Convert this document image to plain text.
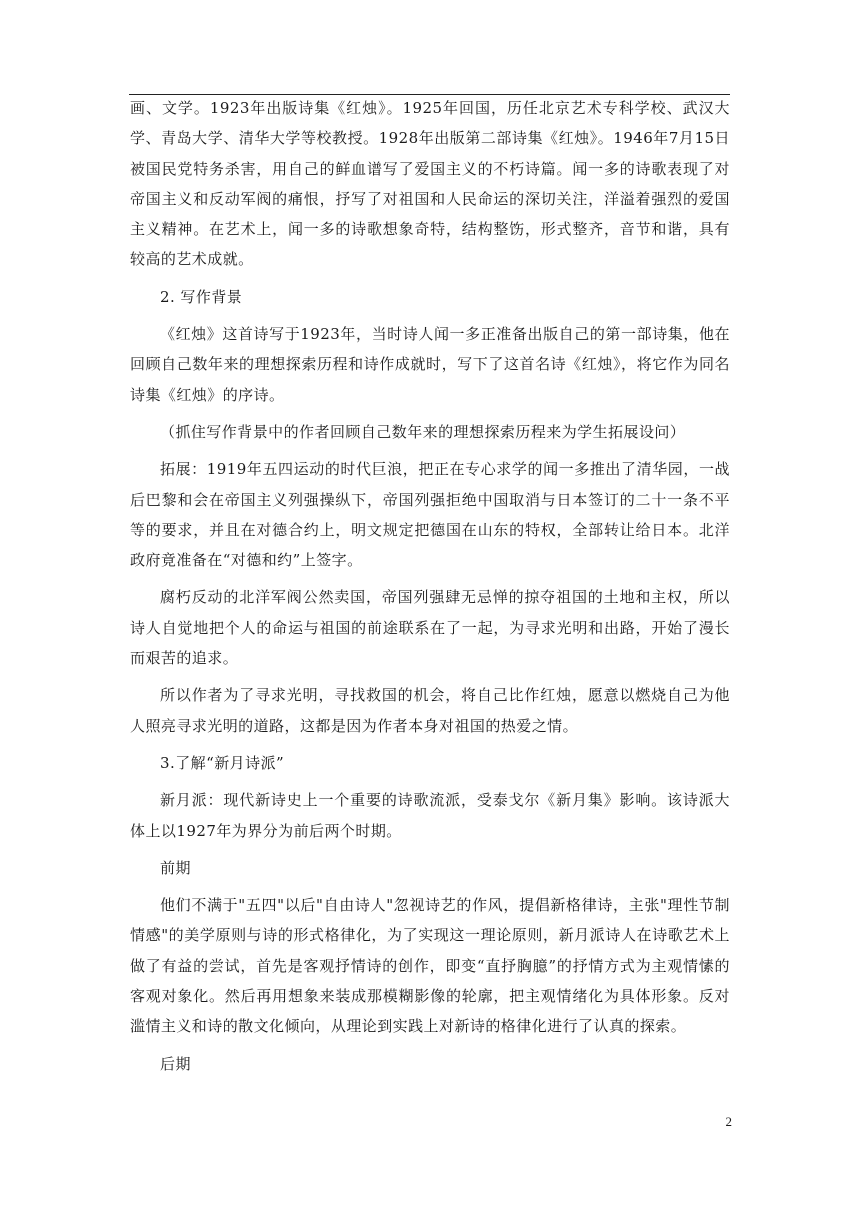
画、文学。1923年出版诗集《红烛》。1925年回国，历任北京艺术专科学校、武汉大学、青岛大学、清华大学等校教授。1928年出版第二部诗集《红烛》。1946年7月15日被国民党特务杀害，用自己的鲜血谱写了爱国主义的不朽诗篇。闻一多的诗歌表现了对帝国主义和反动军阀的痛恨，抒写了对祖国和人民命运的深切关注，洋溢着强烈的爱国主义精神。在艺术上，闻一多的诗歌想象奇特，结构整饬，形式整齐，音节和谐，具有较高的艺术成就。

2. 写作背景

《红烛》这首诗写于1923年，当时诗人闻一多正准备出版自己的第一部诗集，他在回顾自己数年来的理想探索历程和诗作成就时，写下了这首名诗《红烛》，将它作为同名诗集《红烛》的序诗。

（抓住写作背景中的作者回顾自己数年来的理想探索历程来为学生拓展设问）

拓展：1919年五四运动的时代巨浪，把正在专心求学的闻一多推出了清华园，一战后巴黎和会在帝国主义列强操纵下，帝国列强拒绝中国取消与日本签订的二十一条不平等的要求，并且在对德合约上，明文规定把德国在山东的特权，全部转让给日本。北洋政府竟准备在“对德和约”上签字。

腐朽反动的北洋军阀公然卖国，帝国列强肆无忌惮的掠夺祖国的土地和主权，所以诗人自觉地把个人的命运与祖国的前途联系在了一起，为寻求光明和出路，开始了漫长而艰苦的追求。

所以作者为了寻求光明，寻找救国的机会，将自己比作红烛，愿意以燃烧自己为他人照亮寻求光明的道路，这都是因为作者本身对祖国的热爱之情。

3.了解“新月诗派”

新月派：现代新诗史上一个重要的诗歌流派，受泰戈尔《新月集》影响。该诗派大体上以1927年为界分为前后两个时期。

前期

他们不满于"五四"以后"自由诗人"忽视诗艺的作风，提倡新格律诗，主张"理性节制情感"的美学原则与诗的形式格律化，为了实现这一理论原则，新月派诗人在诗歌艺术上做了有益的尝试，首先是客观抒情诗的创作，即变“直抒胸臆”的抒情方式为主观情愫的客观对象化。然后再用想象来装成那模糊影像的轮廓，把主观情绪化为具体形象。反对滥情主义和诗的散文化倾向，从理论到实践上对新诗的格律化进行了认真的探索。

后期

2
